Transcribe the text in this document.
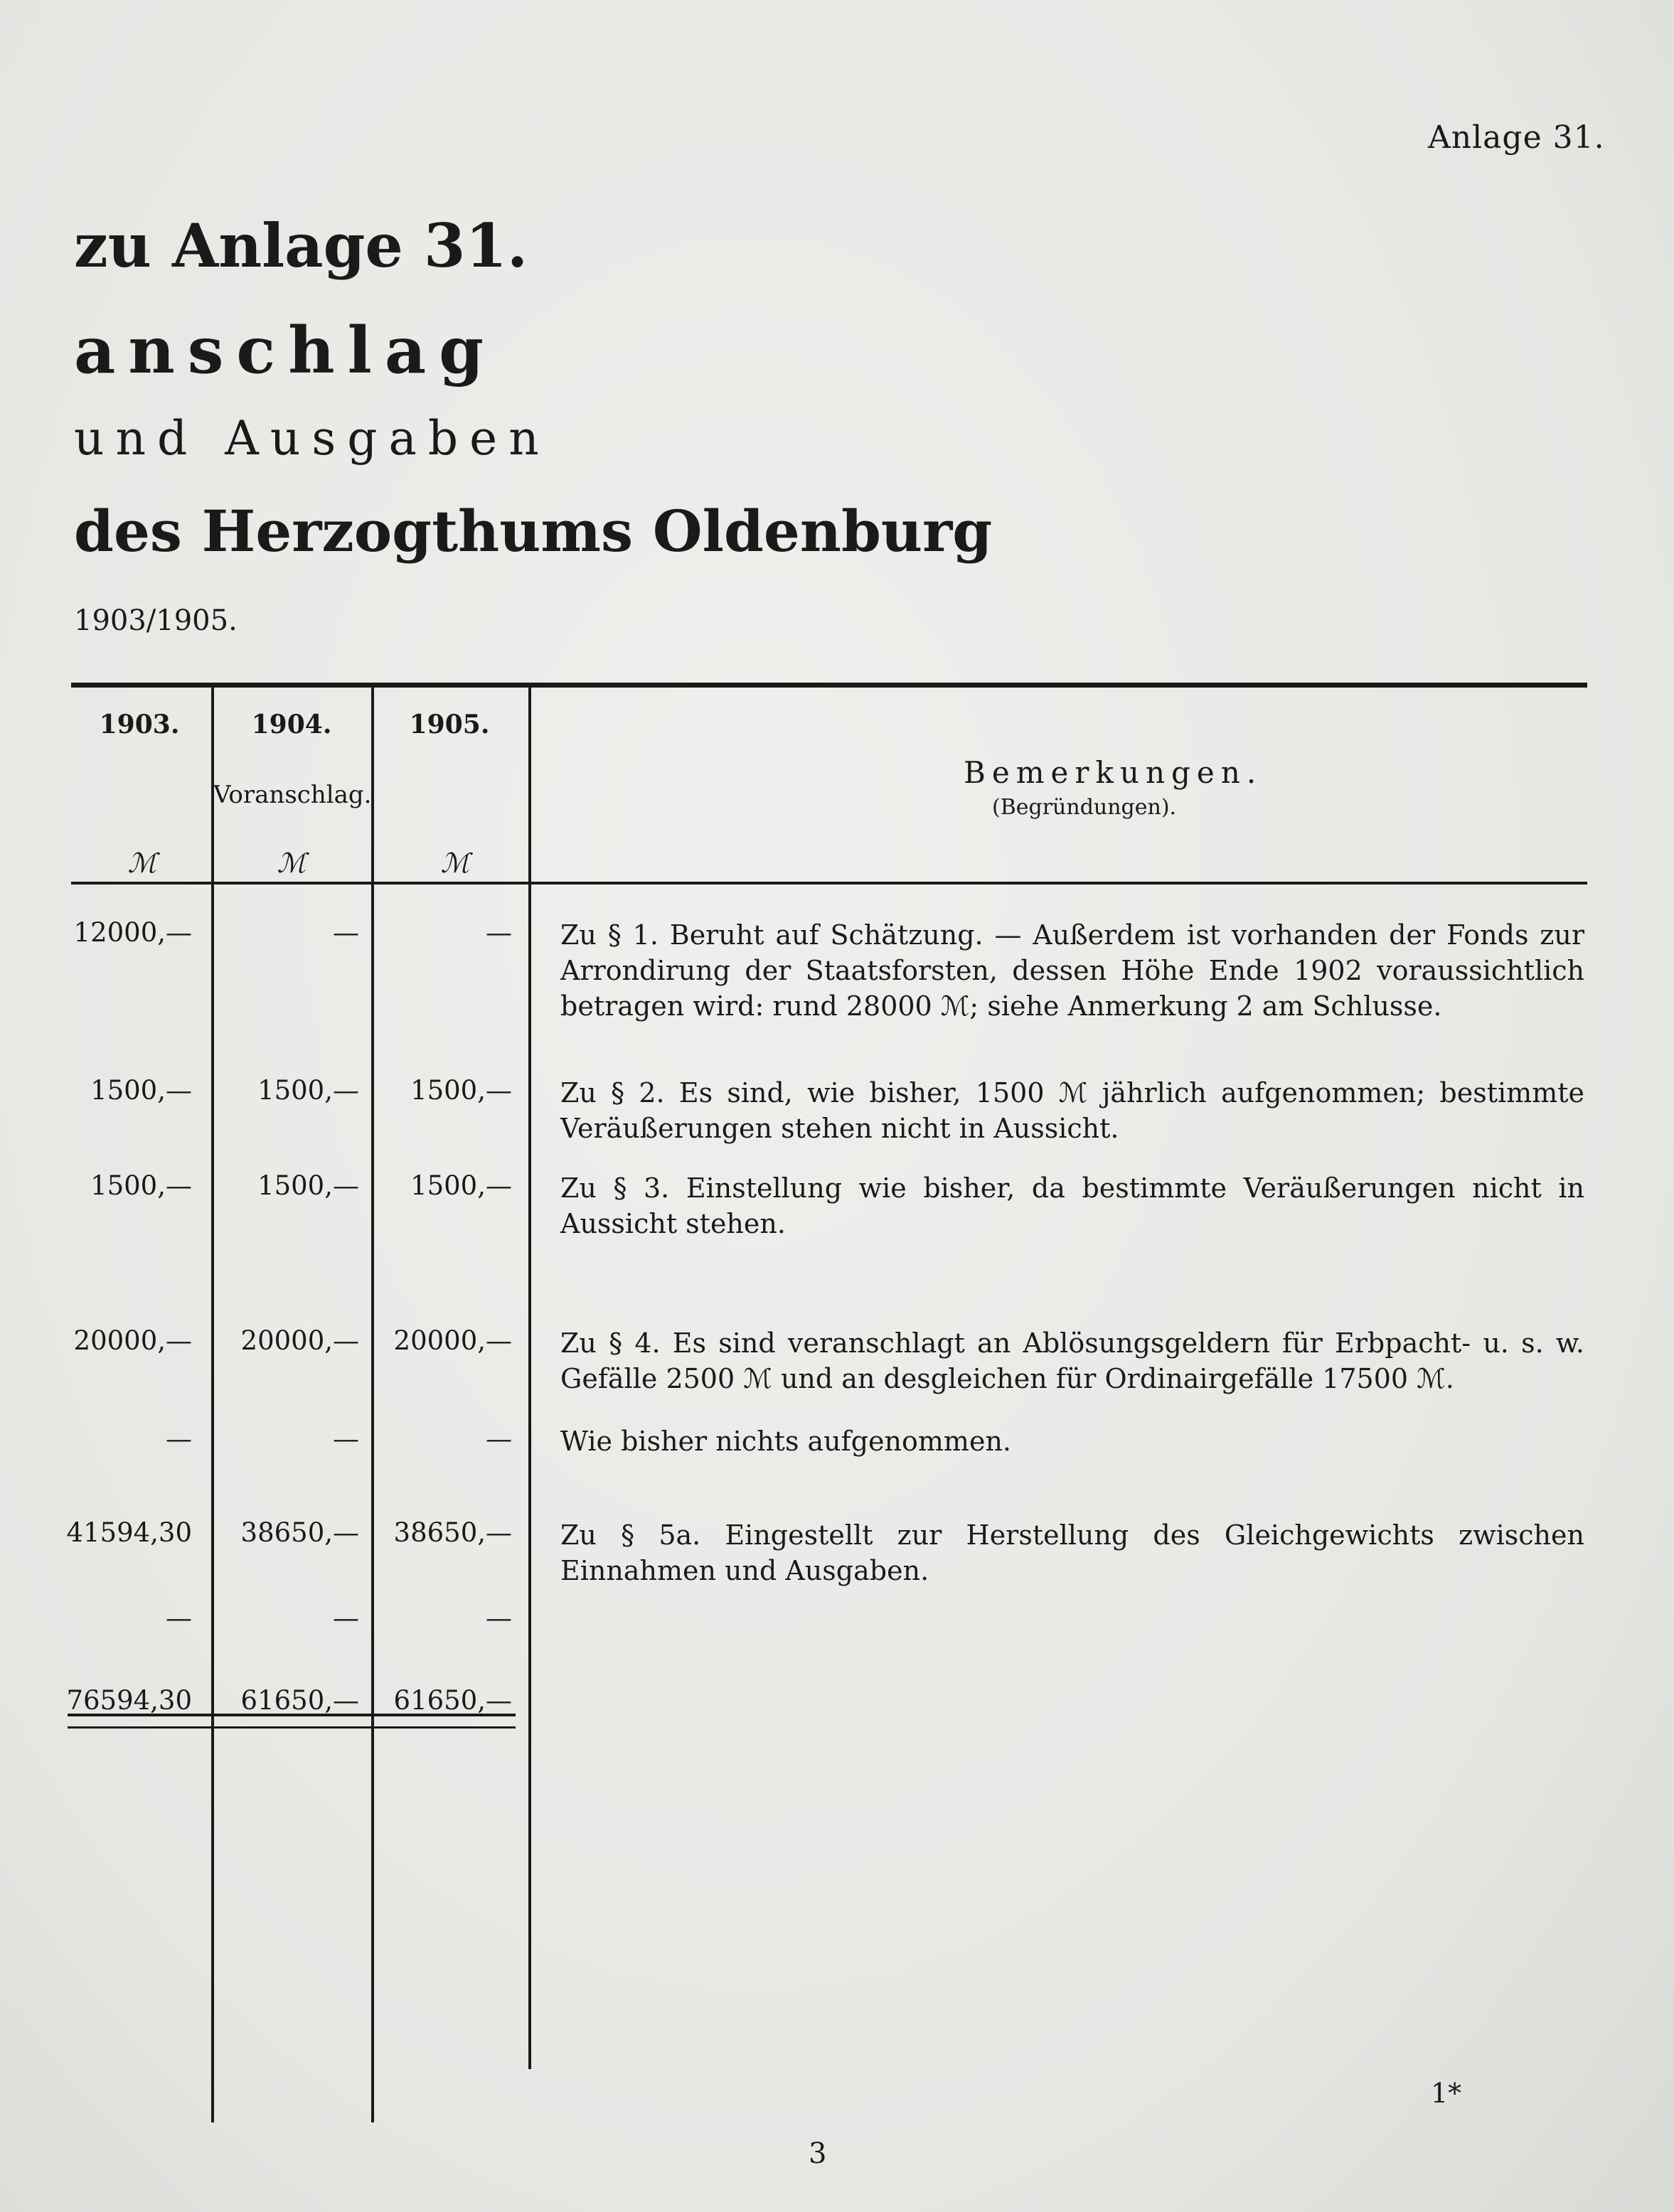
Anlage 31.
zu Anlage 31.
anschlag
und Ausgaben
des Herzogthums Oldenburg
1903/1905.
1903.	1904.	1905.
Voranschlag.
ℳ	ℳ	ℳ
Bemerkungen.
(Begründungen).
12000,—	—	— Zu § 1. Beruht auf Schätzung. — Außerdem ist vorhanden der Fonds zur Arrondirung der Staatsforsten, dessen Höhe Ende 1902 voraussichtlich betragen wird: rund 28000 ℳ; siehe Anmerkung 2 am Schlusse.
1500,—	1500,—	1500,— Zu § 2. Es sind, wie bisher, 1500 ℳ jährlich aufgenommen; bestimmte Veräußerungen stehen nicht in Aussicht.
1500,—	1500,—	1500,— Zu § 3. Einstellung wie bisher, da bestimmte Veräußerungen nicht in Aussicht stehen.
20000,—	20000,—	20000,— Zu § 4. Es sind veranschlagt an Ablösungsgeldern für Erbpacht- u. s. w. Gefälle 2500 ℳ und an desgleichen für Ordinairgefälle 17500 ℳ.
—	—	— Wie bisher nichts aufgenommen.
41594,30	38650,—	38650,— Zu § 5a. Eingestellt zur Herstellung des Gleichgewichts zwischen Einnahmen und Ausgaben.
—	—	—
76594,30	61650,—	61650,—
1*
3
